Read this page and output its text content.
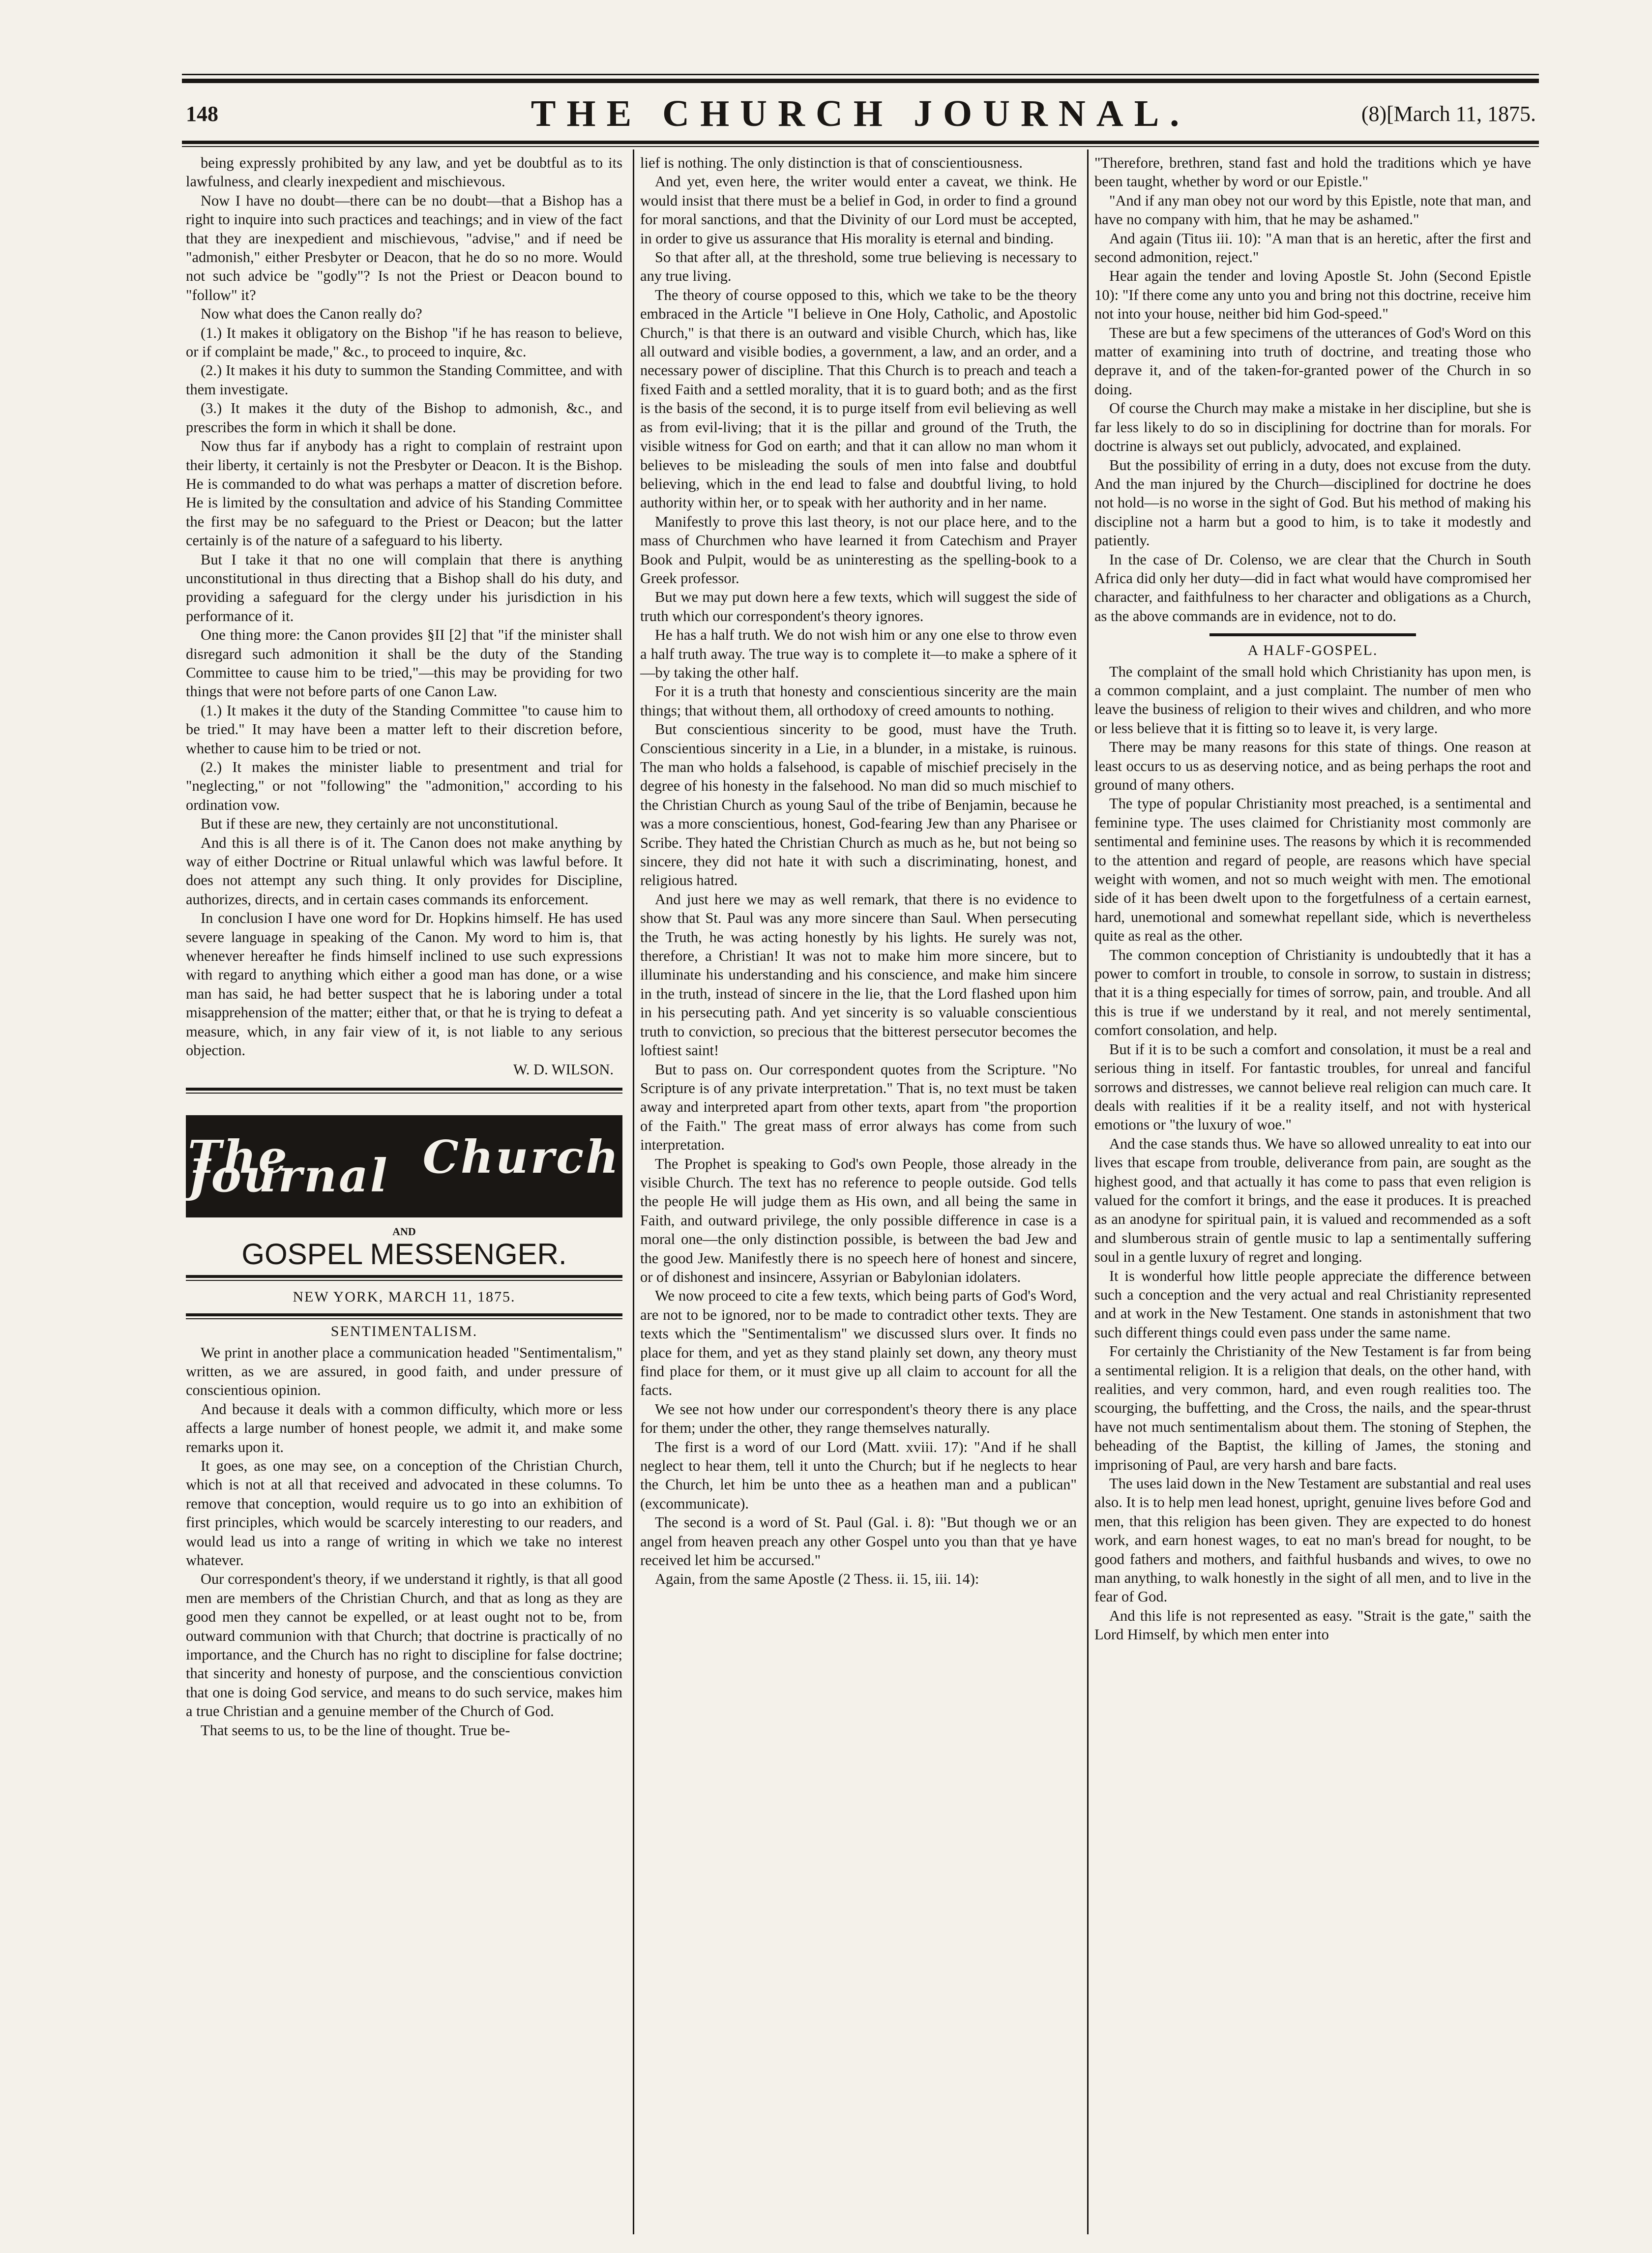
148	THE CHURCH JOURNAL.	(8)[March 11, 1875.

being expressly prohibited by any law, and yet be doubtful as to its lawfulness, and clearly inexpedient and mischievous.

Now I have no doubt—there can be no doubt—that a Bishop has a right to inquire into such practices and teachings; and in view of the fact that they are inexpedient and mischievous, "advise," and if need be "admonish," either Presbyter or Deacon, that he do so no more. Would not such advice be "godly"? Is not the Priest or Deacon bound to "follow" it?

Now what does the Canon really do?

(1.) It makes it obligatory on the Bishop "if he has reason to believe, or if complaint be made," &c., to proceed to inquire, &c.

(2.) It makes it his duty to summon the Standing Committee, and with them investigate.

(3.) It makes it the duty of the Bishop to admonish, &c., and prescribes the form in which it shall be done.

Now thus far if anybody has a right to complain of restraint upon their liberty, it certainly is not the Presbyter or Deacon. It is the Bishop. He is commanded to do what was perhaps a matter of discretion before. He is limited by the consultation and advice of his Standing Committee the first may be no safeguard to the Priest or Deacon; but the latter certainly is of the nature of a safeguard to his liberty.

But I take it that no one will complain that there is anything unconstitutional in thus directing that a Bishop shall do his duty, and providing a safeguard for the clergy under his jurisdiction in his performance of it.

One thing more: the Canon provides §II [2] that "if the minister shall disregard such admonition it shall be the duty of the Standing Committee to cause him to be tried,"—this may be providing for two things that were not before parts of one Canon Law.

(1.) It makes it the duty of the Standing Committee "to cause him to be tried." It may have been a matter left to their discretion before, whether to cause him to be tried or not.

(2.) It makes the minister liable to presentment and trial for "neglecting," or not "following" the "admonition," according to his ordination vow.

But if these are new, they certainly are not unconstitutional.

And this is all there is of it. The Canon does not make anything by way of either Doctrine or Ritual unlawful which was lawful before. It does not attempt any such thing. It only provides for Discipline, authorizes, directs, and in certain cases commands its enforcement.

In conclusion I have one word for Dr. Hopkins himself. He has used severe language in speaking of the Canon. My word to him is, that whenever hereafter he finds himself inclined to use such expressions with regard to anything which either a good man has done, or a wise man has said, he had better suspect that he is laboring under a total misapprehension of the matter; either that, or that he is trying to defeat a measure, which, in any fair view of it, is not liable to any serious objection.

W. D. WILSON.

The Church Journal
AND
GOSPEL MESSENGER.
NEW YORK, MARCH 11, 1875.
SENTIMENTALISM.

We print in another place a communication headed "Sentimentalism," written, as we are assured, in good faith, and under pressure of conscientious opinion.

And because it deals with a common difficulty, which more or less affects a large number of honest people, we admit it, and make some remarks upon it.

It goes, as one may see, on a conception of the Christian Church, which is not at all that received and advocated in these columns. To remove that conception, would require us to go into an exhibition of first principles, which would be scarcely interesting to our readers, and would lead us into a range of writing in which we take no interest whatever.

Our correspondent's theory, if we understand it rightly, is that all good men are members of the Christian Church, and that as long as they are good men they cannot be expelled, or at least ought not to be, from outward communion with that Church; that doctrine is practically of no importance, and the Church has no right to discipline for false doctrine; that sincerity and honesty of purpose, and the conscientious conviction that one is doing God service, and means to do such service, makes him a true Christian and a genuine member of the Church of God.

That seems to us, to be the line of thought. True be-

lief is nothing. The only distinction is that of conscientiousness.

And yet, even here, the writer would enter a caveat, we think. He would insist that there must be a belief in God, in order to find a ground for moral sanctions, and that the Divinity of our Lord must be accepted, in order to give us assurance that His morality is eternal and binding.

So that after all, at the threshold, some true believing is necessary to any true living.

The theory of course opposed to this, which we take to be the theory embraced in the Article "I believe in One Holy, Catholic, and Apostolic Church," is that there is an outward and visible Church, which has, like all outward and visible bodies, a government, a law, and an order, and a necessary power of discipline. That this Church is to preach and teach a fixed Faith and a settled morality, that it is to guard both; and as the first is the basis of the second, it is to purge itself from evil believing as well as from evil-living; that it is the pillar and ground of the Truth, the visible witness for God on earth; and that it can allow no man whom it believes to be misleading the souls of men into false and doubtful believing, which in the end lead to false and doubtful living, to hold authority within her, or to speak with her authority and in her name.

Manifestly to prove this last theory, is not our place here, and to the mass of Churchmen who have learned it from Catechism and Prayer Book and Pulpit, would be as uninteresting as the spelling-book to a Greek professor.

But we may put down here a few texts, which will suggest the side of truth which our correspondent's theory ignores.

He has a half truth. We do not wish him or any one else to throw even a half truth away. The true way is to complete it—to make a sphere of it—by taking the other half.

For it is a truth that honesty and conscientious sincerity are the main things; that without them, all orthodoxy of creed amounts to nothing.

But conscientious sincerity to be good, must have the Truth. Conscientious sincerity in a Lie, in a blunder, in a mistake, is ruinous. The man who holds a falsehood, is capable of mischief precisely in the degree of his honesty in the falsehood. No man did so much mischief to the Christian Church as young Saul of the tribe of Benjamin, because he was a more conscientious, honest, God-fearing Jew than any Pharisee or Scribe. They hated the Christian Church as much as he, but not being so sincere, they did not hate it with such a discriminating, honest, and religious hatred.

And just here we may as well remark, that there is no evidence to show that St. Paul was any more sincere than Saul. When persecuting the Truth, he was acting honestly by his lights. He surely was not, therefore, a Christian! It was not to make him more sincere, but to illuminate his understanding and his conscience, and make him sincere in the truth, instead of sincere in the lie, that the Lord flashed upon him in his persecuting path. And yet sincerity is so valuable conscientious truth to conviction, so precious that the bitterest persecutor becomes the loftiest saint!

But to pass on. Our correspondent quotes from the Scripture. "No Scripture is of any private interpretation." That is, no text must be taken away and interpreted apart from other texts, apart from "the proportion of the Faith." The great mass of error always has come from such interpretation.

The Prophet is speaking to God's own People, those already in the visible Church. The text has no reference to people outside. God tells the people He will judge them as His own, and all being the same in Faith, and outward privilege, the only possible difference in case is a moral one—the only distinction possible, is between the bad Jew and the good Jew. Manifestly there is no speech here of honest and sincere, or of dishonest and insincere, Assyrian or Babylonian idolaters.

We now proceed to cite a few texts, which being parts of God's Word, are not to be ignored, nor to be made to contradict other texts. They are texts which the "Sentimentalism" we discussed slurs over. It finds no place for them, and yet as they stand plainly set down, any theory must find place for them, or it must give up all claim to account for all the facts.

We see not how under our correspondent's theory there is any place for them; under the other, they range themselves naturally.

The first is a word of our Lord (Matt. xviii. 17): "And if he shall neglect to hear them, tell it unto the Church; but if he neglects to hear the Church, let him be unto thee as a heathen man and a publican" (excommunicate).

The second is a word of St. Paul (Gal. i. 8): "But though we or an angel from heaven preach any other Gospel unto you than that ye have received let him be accursed."

Again, from the same Apostle (2 Thess. ii. 15, iii. 14):

"Therefore, brethren, stand fast and hold the traditions which ye have been taught, whether by word or our Epistle."

"And if any man obey not our word by this Epistle, note that man, and have no company with him, that he may be ashamed."

And again (Titus iii. 10): "A man that is an heretic, after the first and second admonition, reject."

Hear again the tender and loving Apostle St. John (Second Epistle 10): "If there come any unto you and bring not this doctrine, receive him not into your house, neither bid him God-speed."

These are but a few specimens of the utterances of God's Word on this matter of examining into truth of doctrine, and treating those who deprave it, and of the taken-for-granted power of the Church in so doing.

Of course the Church may make a mistake in her discipline, but she is far less likely to do so in disciplining for doctrine than for morals. For doctrine is always set out publicly, advocated, and explained.

But the possibility of erring in a duty, does not excuse from the duty. And the man injured by the Church—disciplined for doctrine he does not hold—is no worse in the sight of God. But his method of making his discipline not a harm but a good to him, is to take it modestly and patiently.

In the case of Dr. Colenso, we are clear that the Church in South Africa did only her duty—did in fact what would have compromised her character, and faithfulness to her character and obligations as a Church, as the above commands are in evidence, not to do.

A HALF-GOSPEL.

The complaint of the small hold which Christianity has upon men, is a common complaint, and a just complaint. The number of men who leave the business of religion to their wives and children, and who more or less believe that it is fitting so to leave it, is very large.

There may be many reasons for this state of things. One reason at least occurs to us as deserving notice, and as being perhaps the root and ground of many others.

The type of popular Christianity most preached, is a sentimental and feminine type. The uses claimed for Christianity most commonly are sentimental and feminine uses. The reasons by which it is recommended to the attention and regard of people, are reasons which have special weight with women, and not so much weight with men. The emotional side of it has been dwelt upon to the forgetfulness of a certain earnest, hard, unemotional and somewhat repellant side, which is nevertheless quite as real as the other.

The common conception of Christianity is undoubtedly that it has a power to comfort in trouble, to console in sorrow, to sustain in distress; that it is a thing especially for times of sorrow, pain, and trouble. And all this is true if we understand by it real, and not merely sentimental, comfort consolation, and help.

But if it is to be such a comfort and consolation, it must be a real and serious thing in itself. For fantastic troubles, for unreal and fanciful sorrows and distresses, we cannot believe real religion can much care. It deals with realities if it be a reality itself, and not with hysterical emotions or "the luxury of woe."

And the case stands thus. We have so allowed unreality to eat into our lives that escape from trouble, deliverance from pain, are sought as the highest good, and that actually it has come to pass that even religion is valued for the comfort it brings, and the ease it produces. It is preached as an anodyne for spiritual pain, it is valued and recommended as a soft and slumberous strain of gentle music to lap a sentimentally suffering soul in a gentle luxury of regret and longing.

It is wonderful how little people appreciate the difference between such a conception and the very actual and real Christianity represented and at work in the New Testament. One stands in astonishment that two such different things could even pass under the same name.

For certainly the Christianity of the New Testament is far from being a sentimental religion. It is a religion that deals, on the other hand, with realities, and very common, hard, and even rough realities too. The scourging, the buffetting, and the Cross, the nails, and the spear-thrust have not much sentimentalism about them. The stoning of Stephen, the beheading of the Baptist, the killing of James, the stoning and imprisoning of Paul, are very harsh and bare facts.

The uses laid down in the New Testament are substantial and real uses also. It is to help men lead honest, upright, genuine lives before God and men, that this religion has been given. They are expected to do honest work, and earn honest wages, to eat no man's bread for nought, to be good fathers and mothers, and faithful husbands and wives, to owe no man anything, to walk honestly in the sight of all men, and to live in the fear of God.

And this life is not represented as easy. "Strait is the gate," saith the Lord Himself, by which men enter into
